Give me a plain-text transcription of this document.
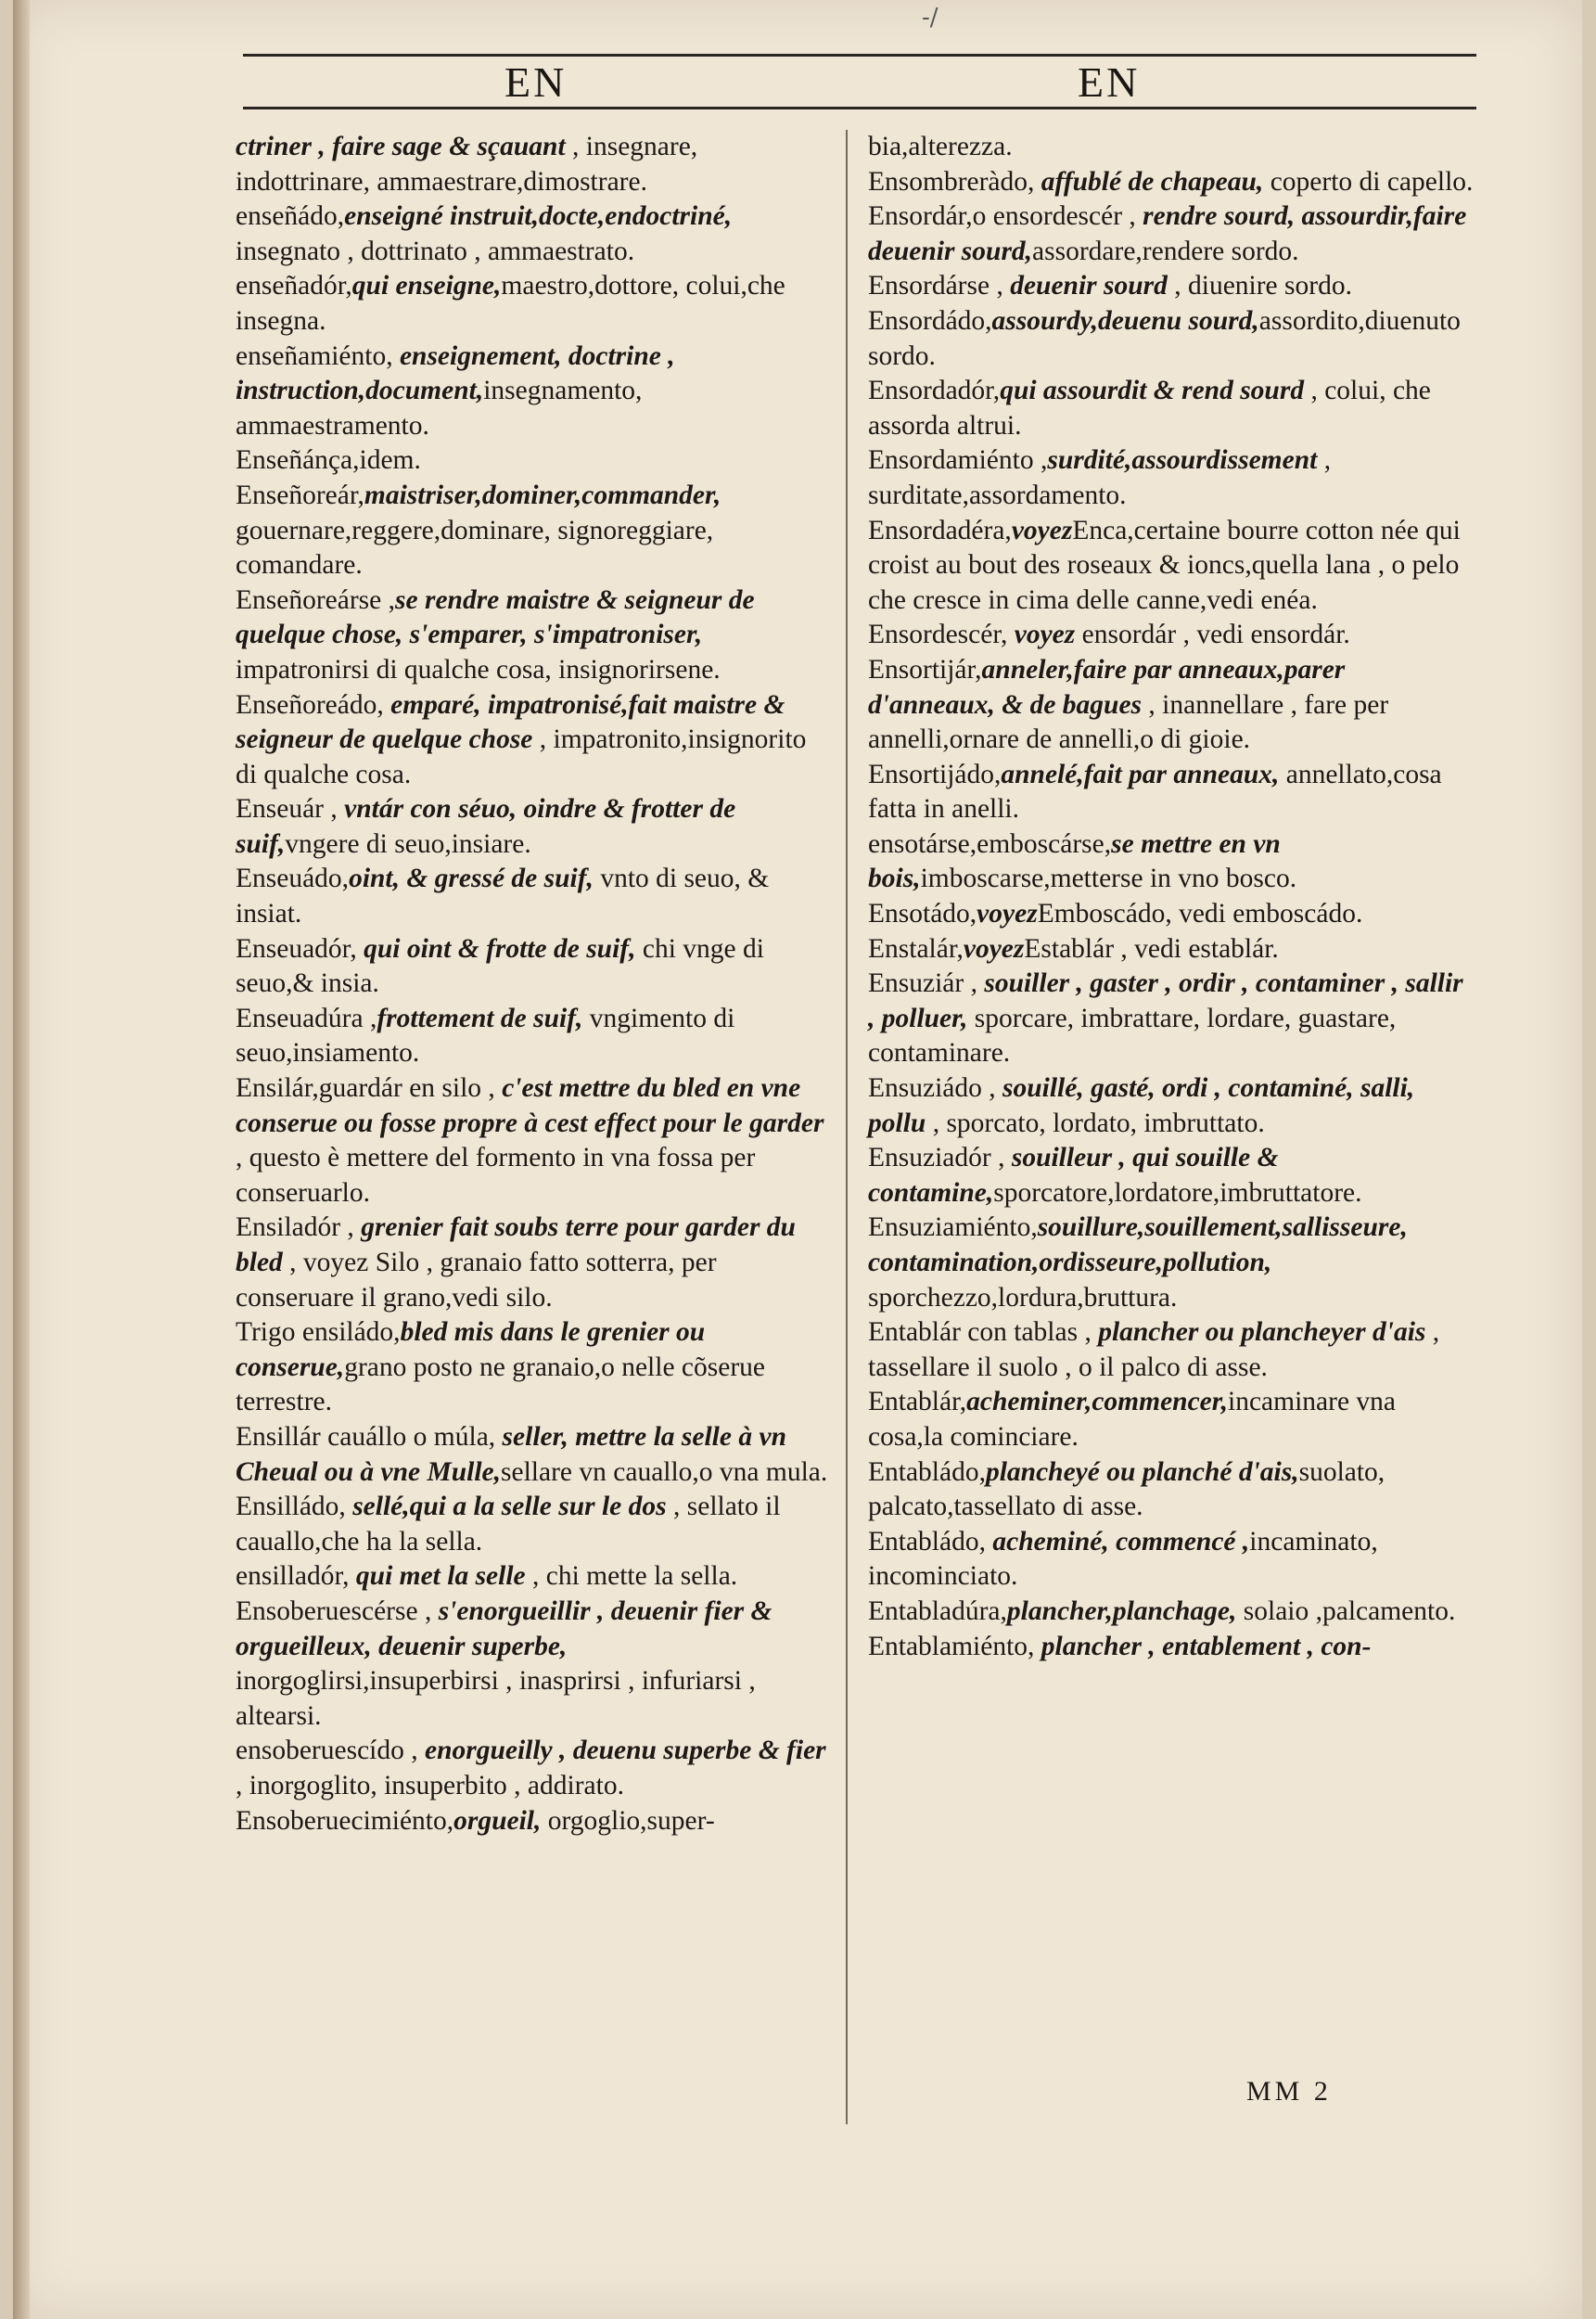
-/
EN	EN

ctriner , faire sage & sçauant , insegnare, indottrinare, ammaestrare,dimostrare.

enseñádo,enseigné instruit,docte,endoctriné, insegnato , dottrinato , ammaestrato.

enseñadór,qui enseigne,maestro,dottore, colui,che insegna.

enseñamiénto, enseignement, doctrine , instruction,document,insegnamento, ammaestramento.

Enseñánça,idem.

Enseñoreár,maistriser,dominer,commander, gouernare,reggere,dominare, signoreggiare, comandare.

Enseñoreárse ,se rendre maistre & seigneur de quelque chose, s'emparer, s'impatroniser, impatronirsi di qualche cosa, insignorirsene.

Enseñoreádo, emparé, impatronisé,fait maistre & seigneur de quelque chose , impatronito,insignorito di qualche cosa.

Enseuár , vntár con séuo, oindre & frotter de suif,vngere di seuo,insiare.

Enseuádo,oint, & gressé de suif, vnto di seuo, & insiat.

Enseuadór, qui oint & frotte de suif, chi vnge di seuo,& insia.

Enseuadúra ,frottement de suif, vngimento di seuo,insiamento.

Ensilár,guardár en silo , c'est mettre du bled en vne conserue ou fosse propre à cest effect pour le garder , questo è mettere del formento in vna fossa per conseruarlo.

Ensiladór , grenier fait soubs terre pour garder du bled , voyez Silo , granaio fatto sotterra, per conseruare il grano,vedi silo.

Trigo ensiládo,bled mis dans le grenier ou conserue,grano posto ne granaio,o nelle cõserue terrestre.

Ensillár cauállo o múla, seller, mettre la selle à vn Cheual ou à vne Mulle,sellare vn cauallo,o vna mula.

Ensilládo, sellé,qui a la selle sur le dos , sellato il cauallo,che ha la sella.

ensilladór, qui met la selle , chi mette la sella.

Ensoberuescérse , s'enorgueillir , deuenir fier & orgueilleux, deuenir superbe, inorgoglirsi,insuperbirsi , inasprirsi , infuriarsi , altearsi.

ensoberuescído , enorgueilly , deuenu superbe & fier , inorgoglito, insuperbito , addirato.

Ensoberuecimiénto,orgueil, orgoglio,super-

bia,alterezza.

Ensombreràdo, affublé de chapeau, coperto di capello.

Ensordár,o ensordescér , rendre sourd, assourdir,faire deuenir sourd,assordare,rendere sordo.

Ensordárse , deuenir sourd , diuenire sordo.

Ensordádo,assourdy,deuenu sourd,assordito,diuenuto sordo.

Ensordadór,qui assourdit & rend sourd , colui, che assorda altrui.

Ensordamiénto ,surdité,assourdissement , surditate,assordamento.

Ensordadéra,voyezEnca,certaine bourre cotton née qui croist au bout des roseaux & ioncs,quella lana , o pelo che cresce in cima delle canne,vedi enéa.

Ensordescér, voyez ensordár , vedi ensordár.

Ensortijár,anneler,faire par anneaux,parer d'anneaux, & de bagues , inannellare , fare per annelli,ornare de annelli,o di gioie.

Ensortijádo,annelé,fait par anneaux, annellato,cosa fatta in anelli.

ensotárse,emboscárse,se mettre en vn bois,imboscarse,metterse in vno bosco.

Ensotádo,voyezEmboscádo, vedi emboscádo.

Enstalár,voyezEstablár , vedi establár.

Ensuziár , souiller , gaster , ordir , contaminer , sallir , polluer, sporcare, imbrattare, lordare, guastare, contaminare.

Ensuziádo , souillé, gasté, ordi , contaminé, salli, pollu , sporcato, lordato, imbruttato.

Ensuziadór , souilleur , qui souille & contamine,sporcatore,lordatore,imbruttatore.

Ensuziamiénto,souillure,souillement,sallisseure, contamination,ordisseure,pollution, sporchezzo,lordura,bruttura.

Entablár con tablas , plancher ou plancheyer d'ais , tassellare il suolo , o il palco di asse.

Entablár,acheminer,commencer,incaminare vna cosa,la cominciare.

Entabládo,plancheyé ou planché d'ais,suolato, palcato,tassellato di asse.

Entabládo, acheminé, commencé ,incaminato, incominciato.

Entabladúra,plancher,planchage, solaio ,palcamento.

Entablamiénto, plancher , entablement , con-

MM 2
